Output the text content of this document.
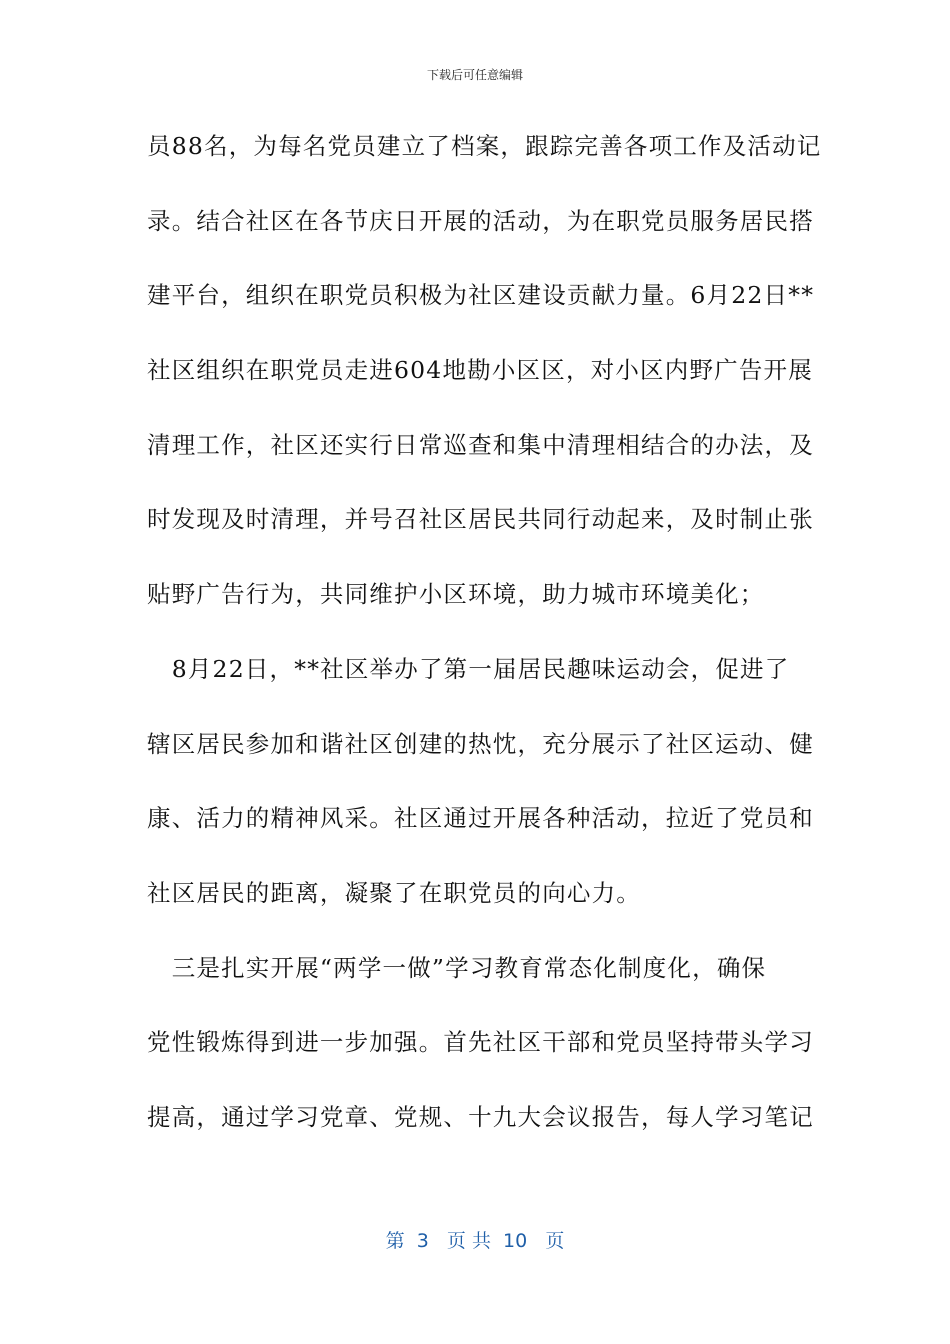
下载后可任意编辑
员88名，为每名党员建立了档案，跟踪完善各项工作及活动记
录。结合社区在各节庆日开展的活动，为在职党员服务居民搭
建平台，组织在职党员积极为社区建设贡献力量。6月22日**
社区组织在职党员走进604地勘小区区，对小区内野广告开展
清理工作，社区还实行日常巡查和集中清理相结合的办法，及
时发现及时清理，并号召社区居民共同行动起来，及时制止张
贴野广告行为，共同维护小区环境，助力城市环境美化；
　8月22日，**社区举办了第一届居民趣味运动会，促进了
辖区居民参加和谐社区创建的热忱，充分展示了社区运动、健
康、活力的精神风采。社区通过开展各种活动，拉近了党员和
社区居民的距离，凝聚了在职党员的向心力。
　三是扎实开展“两学一做”学习教育常态化制度化，确保
党性锻炼得到进一步加强。首先社区干部和党员坚持带头学习
提高，通过学习党章、党规、十九大会议报告，每人学习笔记
第  3   页 共  10   页
